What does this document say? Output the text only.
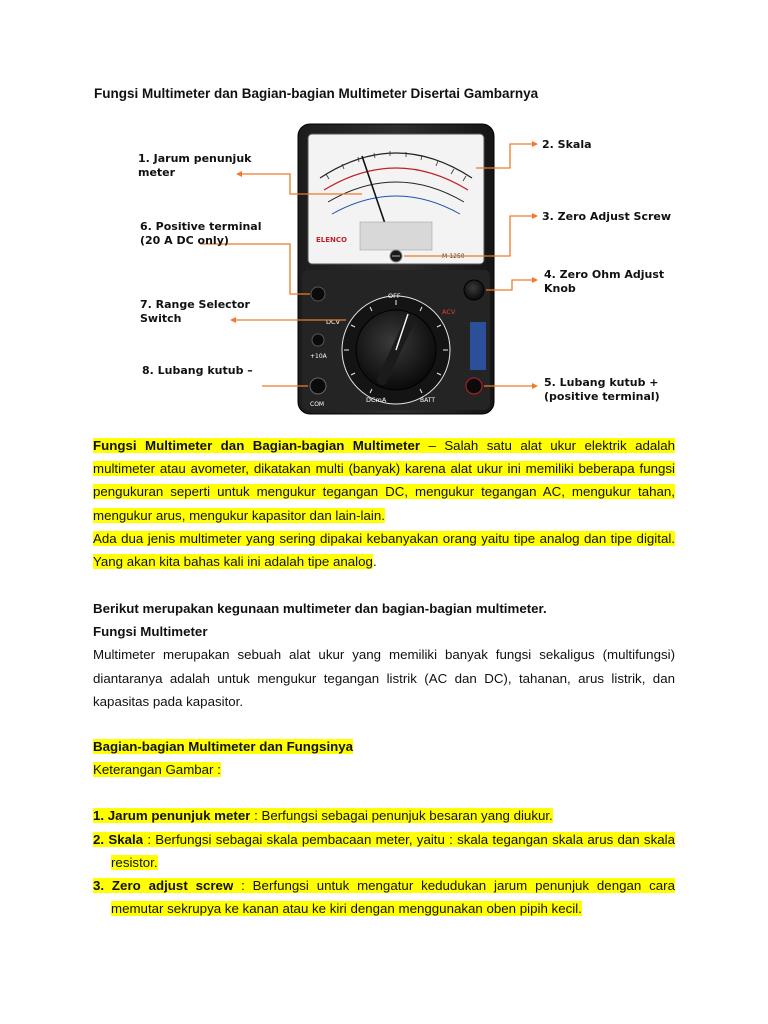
Fungsi Multimeter dan Bagian-bagian Multimeter Disertai Gambarnya
ELENCO
M-1250
OFF
DCV
ACV
DCmA	BATT
COM
+10A
1. Jarum penunjuk
meter
2. Skala
3. Zero Adjust Screw
4. Zero Ohm Adjust
Knob
5. Lubang kutub +
(positive terminal)
6. Positive terminal
(20 A DC only)
7. Range Selector
Switch
8. Lubang kutub –

Fungsi Multimeter dan Bagian-bagian Multimeter – Salah satu alat ukur elektrik adalah multimeter atau avometer, dikatakan multi (banyak) karena alat ukur ini memiliki beberapa fungsi pengukuran seperti untuk mengukur tegangan DC, mengukur tegangan AC, mengukur tahan, mengukur arus, mengukur kapasitor dan lain-lain.

Ada dua jenis multimeter yang sering dipakai kebanyakan orang yaitu tipe analog dan tipe digital. Yang akan kita bahas kali ini adalah tipe analog.

Berikut merupakan kegunaan multimeter dan bagian-bagian multimeter.

Fungsi Multimeter

Multimeter merupakan sebuah alat ukur yang memiliki banyak fungsi sekaligus (multifungsi) diantaranya adalah untuk mengukur tegangan listrik (AC dan DC), tahanan, arus listrik, dan kapasitas pada kapasitor.

Bagian-bagian Multimeter dan Fungsinya

Keterangan Gambar :

1. Jarum penunjuk meter : Berfungsi sebagai penunjuk besaran yang diukur.

2. Skala : Berfungsi sebagai skala pembacaan meter, yaitu : skala tegangan skala arus dan skala resistor.

3. Zero adjust screw : Berfungsi untuk mengatur kedudukan jarum penunjuk dengan cara memutar sekrupya ke kanan atau ke kiri dengan menggunakan oben pipih kecil.
